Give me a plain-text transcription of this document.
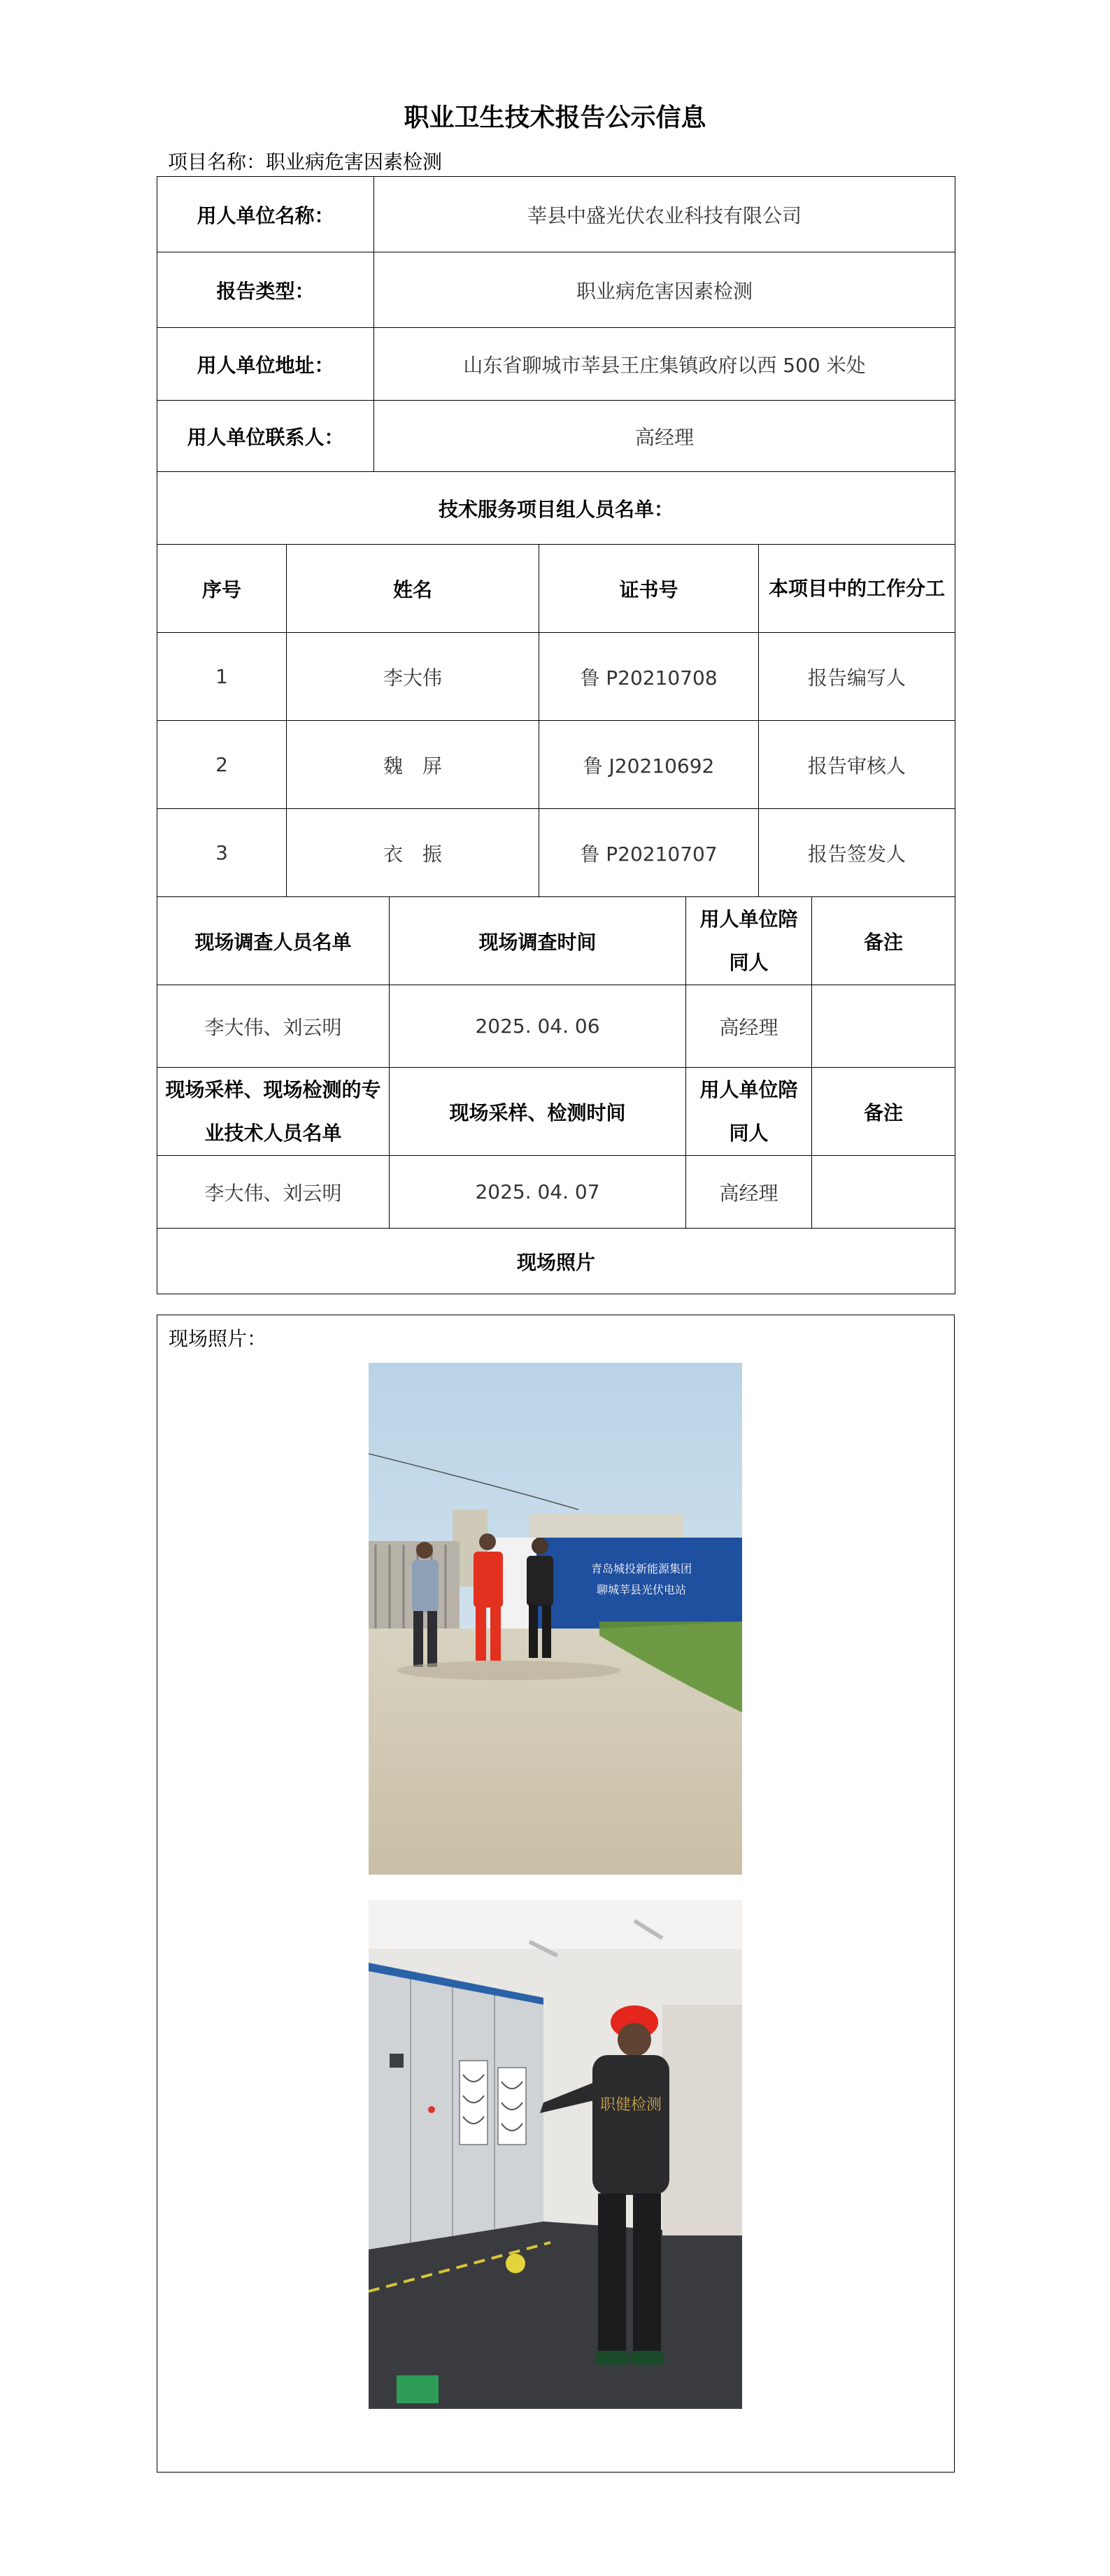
职业卫生技术报告公示信息
项目名称：职业病危害因素检测
用人单位名称：	莘县中盛光伏农业科技有限公司
报告类型：	职业病危害因素检测
用人单位地址：	山东省聊城市莘县王庄集镇政府以西 500 米处
用人单位联系人：	高经理
技术服务项目组人员名单：	
序号	姓名	证书号	本项目中的工作分工
1	李大伟	鲁 P20210708	报告编写人
2	魏　屏	鲁 J20210692	报告审核人
3	衣　振	鲁 P20210707	报告签发人
现场调查人员名单	现场调查时间	用人单位陪同人	备注
李大伟、刘云明	2025. 04. 06	高经理	
现场采样、现场检测的专业技术人员名单	现场采样、检测时间	用人单位陪同人	备注
李大伟、刘云明	2025. 04. 07	高经理	
现场照片			
现场照片：
青岛城投新能源集团
聊城莘县光伏电站
职健检测
